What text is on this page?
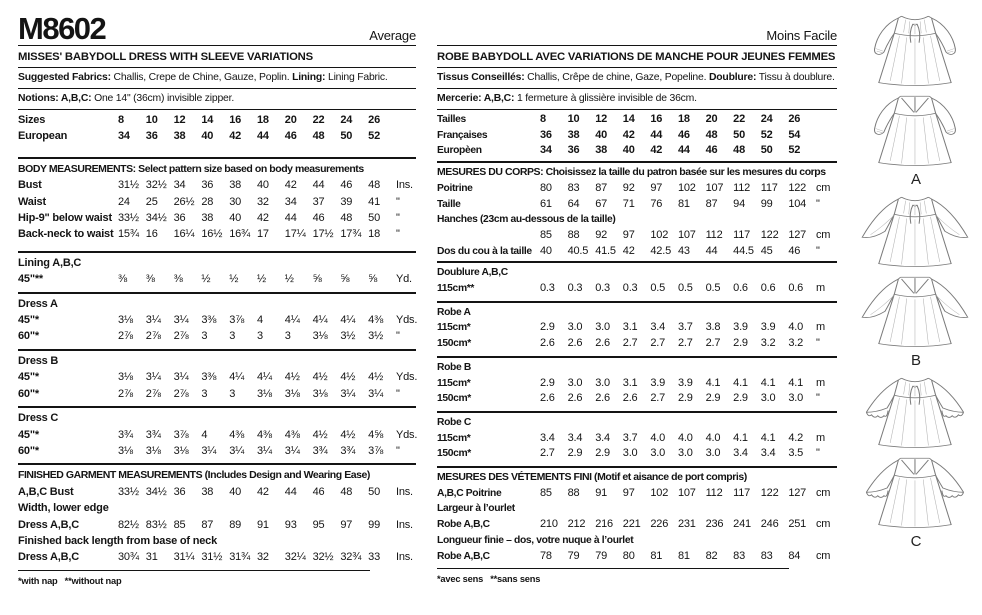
M8602	Average
MISSES' BABYDOLL DRESS WITH SLEEVE VARIATIONS
Suggested Fabrics: Challis, Crepe de Chine, Gauze, Poplin. Lining: Lining Fabric.
Notions: A,B,C: One 14" (36cm) invisible zipper.
Sizes	8	10	12	14	16	18	20	22	24	26
European	34	36	38	40	42	44	46	48	50	52
BODY MEASUREMENTS: Select pattern size based on body measurements
Bust	31½ 32½ 34	36	38	40	42	44	46	48	Ins.
Waist	24	25	26½ 28	30	32	34	37	39	41	"
Hip-9" below waist 33½ 34½ 36	38	40	42	44	46	48	50	"
Back-neck to waist 15¾ 16	16¼ 16½ 16¾ 17	17¼ 17½ 17¾ 18	"
Lining A,B,C
45"**	⅜	⅜	⅜	½	½	½	½	⅝	⅝	⅝	Yd.
Dress A
45"*	3⅛	3¼	3¼	3⅜	3⅞	4	4¼	4¼	4¼	4⅜	Yds.
60"*	2⅞	2⅞	2⅞	3	3	3	3	3⅛	3½	3½	"
Dress B
45"*	3⅛	3¼	3¼	3⅜	4¼	4¼	4½	4½	4½	4½	Yds.
60"*	2⅞	2⅞	2⅞	3	3	3⅛	3⅛	3⅛	3¼	3¼	"
Dress C
45"*	3¾	3¾	3⅞	4	4⅜	4⅜	4⅜	4½	4½	4⅝	Yds.
60"*	3⅛	3⅛	3⅛	3¼	3¼	3¼	3¼	3¾	3¾	3⅞	"
FINISHED GARMENT MEASUREMENTS (Includes Design and Wearing Ease)
A,B,C Bust	33½ 34½ 36	38	40	42	44	46	48	50	Ins.
Width, lower edge
Dress A,B,C	82½ 83½ 85	87	89	91	93	95	97	99	Ins.
Finished back length from base of neck
Dress A,B,C	30¾ 31	31¼ 31½ 31¾ 32	32¼ 32½ 32¾ 33	Ins.
*with nap   **without nap
Moins Facile
ROBE BABYDOLL AVEC VARIATIONS DE MANCHE POUR JEUNES FEMMES
Tissus Conseillés: Challis, Crêpe de chine, Gaze, Popeline. Doublure: Tissu à doublure.
Mercerie: A,B,C: 1 fermeture à glissière invisible de 36cm.
Tailles	8	10	12	14	16	18	20	22	24	26
Françaises	36	38	40	42	44	46	48	50	52	54
Europèen	34	36	38	40	42	44	46	48	50	52
MESURES DU CORPS: Choisissez la taille du patron basée sur les mesures du corps
Poitrine	80	83	87	92	97	102 107 112 117 122 cm
Taille	61	64	67	71	76	81	87	94	99	104 "
Hanches (23cm au-dessous de la taille)
85	88	92	97	102 107 112 117 122 127 cm
Dos du cou à la taille 40	40.5 41.5 42	42.5 43	44	44.5 45	46	"
Doublure A,B,C
115cm**	0.3	0.3	0.3	0.3	0.5	0.5	0.5	0.6	0.6	0.6	m
Robe A
115cm*	2.9	3.0	3.0	3.1	3.4	3.7	3.8	3.9	3.9	4.0	m
150cm*	2.6	2.6	2.6	2.7	2.7	2.7	2.7	2.9	3.2	3.2	"
Robe B
115cm*	2.9	3.0	3.0	3.1	3.9	3.9	4.1	4.1	4.1	4.1	m
150cm*	2.6	2.6	2.6	2.6	2.7	2.9	2.9	2.9	3.0	3.0	"
Robe C
115cm*	3.4	3.4	3.4	3.7	4.0	4.0	4.0	4.1	4.1	4.2	m
150cm*	2.7	2.9	2.9	3.0	3.0	3.0	3.0	3.4	3.4	3.5	"
MESURES DES VÉTEMENTS FINI (Motif et aisance de port compris)
A,B,C Poitrine	85	88	91	97	102 107 112 117 122 127 cm
Largeur à l’ourlet
Robe A,B,C	210 212 216 221 226 231 236 241 246 251 cm
Longueur finie – dos, votre nuque à l’ourlet
Robe A,B,C	78	79	79	80	81	81	82	83	83	84	cm
*avec sens   **sans sens
A
B
C
